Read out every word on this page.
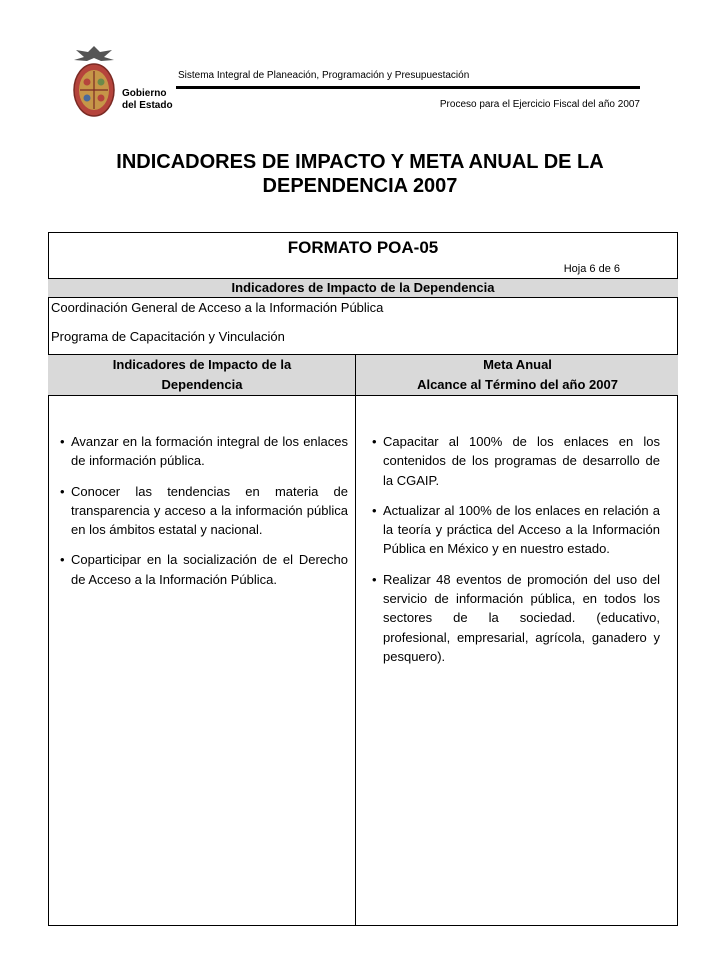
Gobierno
del Estado
Sistema Integral de Planeación, Programación y Presupuestación
Proceso para el Ejercicio Fiscal del año 2007
INDICADORES DE IMPACTO Y META ANUAL DE LA
DEPENDENCIA 2007
FORMATO POA-05
Hoja 6 de 6
Indicadores de Impacto de la Dependencia
Coordinación General de Acceso a la Información Pública
Programa de Capacitación y Vinculación
Indicadores de Impacto de la
Dependencia
Meta Anual
Alcance al Término del año 2007
• Avanzar en la formación integral de los enlaces de información pública.
• Conocer las tendencias en materia de transparencia y acceso a la información pública en los ámbitos estatal y nacional.
• Coparticipar en la socialización de el Derecho de Acceso a la Información Pública.
• Capacitar al 100% de los enlaces en los contenidos de los programas de desarrollo de la CGAIP.
• Actualizar al 100% de los enlaces en relación a la teoría y práctica del Acceso a la Información Pública en México y en nuestro estado.
• Realizar 48 eventos de promoción del uso del servicio de información pública, en todos los sectores de la sociedad. (educativo, profesional, empresarial, agrícola, ganadero y pesquero).
